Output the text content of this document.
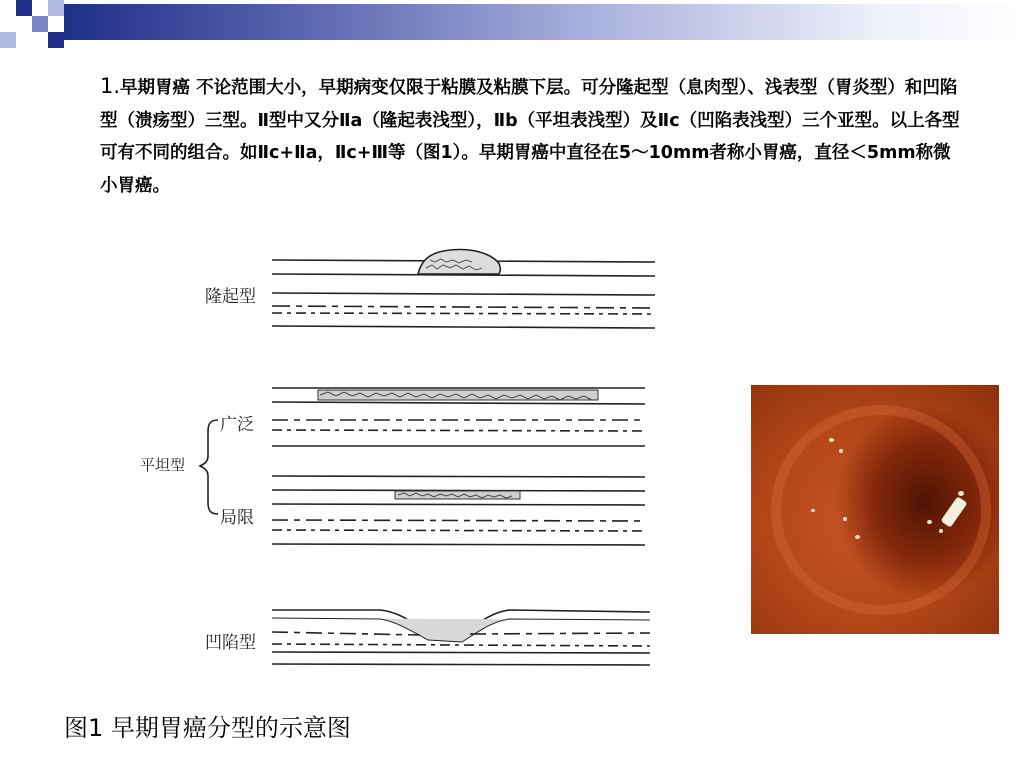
1.早期胃癌 不论范围大小，早期病变仅限于粘膜及粘膜下层。可分隆起型（息肉型）、浅表型（胃炎型）和凹陷型（溃疡型）三型。Ⅱ型中又分Ⅱa（隆起表浅型），Ⅱb（平坦表浅型）及Ⅱc（凹陷表浅型）三个亚型。以上各型可有不同的组合。如Ⅱc+Ⅱa，Ⅱc+Ⅲ等（图1）。早期胃癌中直径在5～10mm者称小胃癌，直径＜5mm称微小胃癌。

隆起型
广泛
平坦型
局限
凹陷型
图1 早期胃癌分型的示意图
